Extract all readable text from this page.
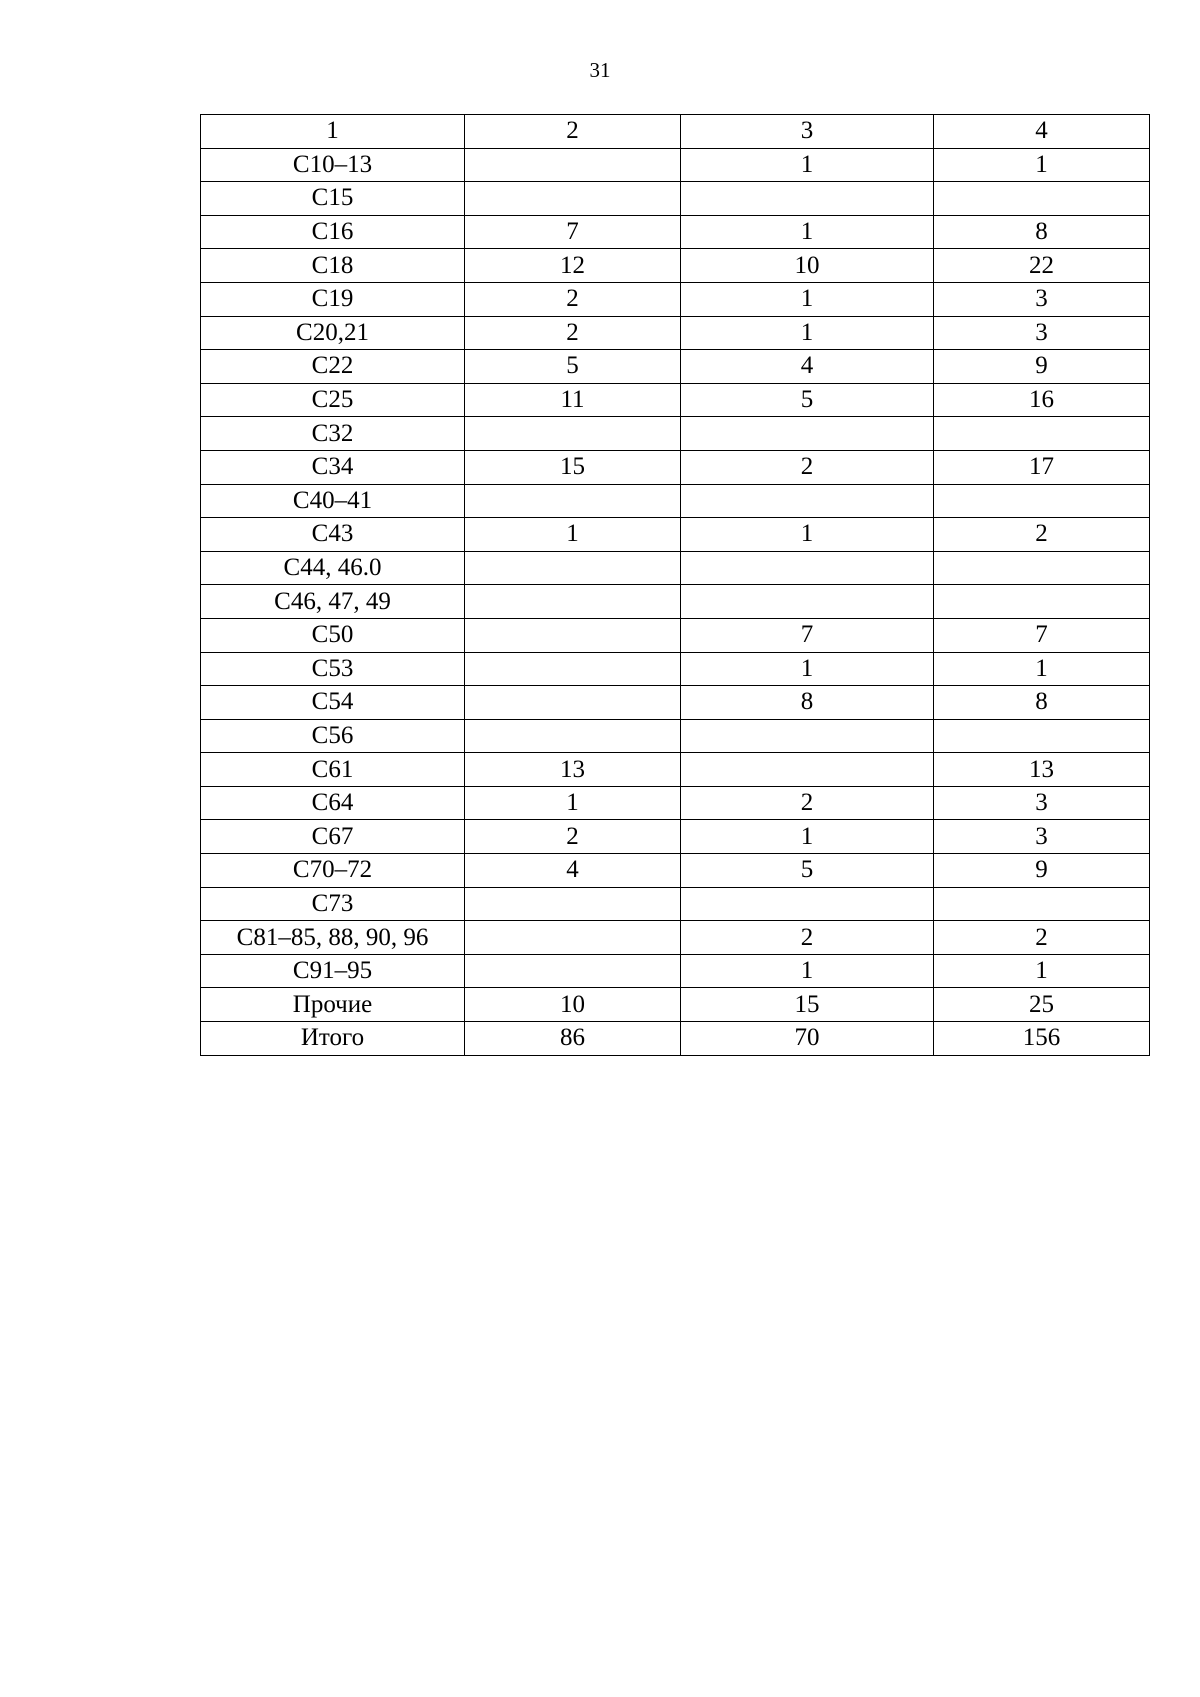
31
1	2	3	4
С10–13		1	1
С15			
С16	7	1	8
С18	12	10	22
С19	2	1	3
С20,21	2	1	3
С22	5	4	9
С25	11	5	16
С32			
С34	15	2	17
С40–41			
С43	1	1	2
С44, 46.0			
С46, 47, 49			
С50		7	7
С53		1	1
С54		8	8
С56			
С61	13		13
С64	1	2	3
С67	2	1	3
С70–72	4	5	9
С73			
С81–85, 88, 90, 96		2	2
С91–95		1	1
Прочие	10	15	25
Итого	86	70	156
